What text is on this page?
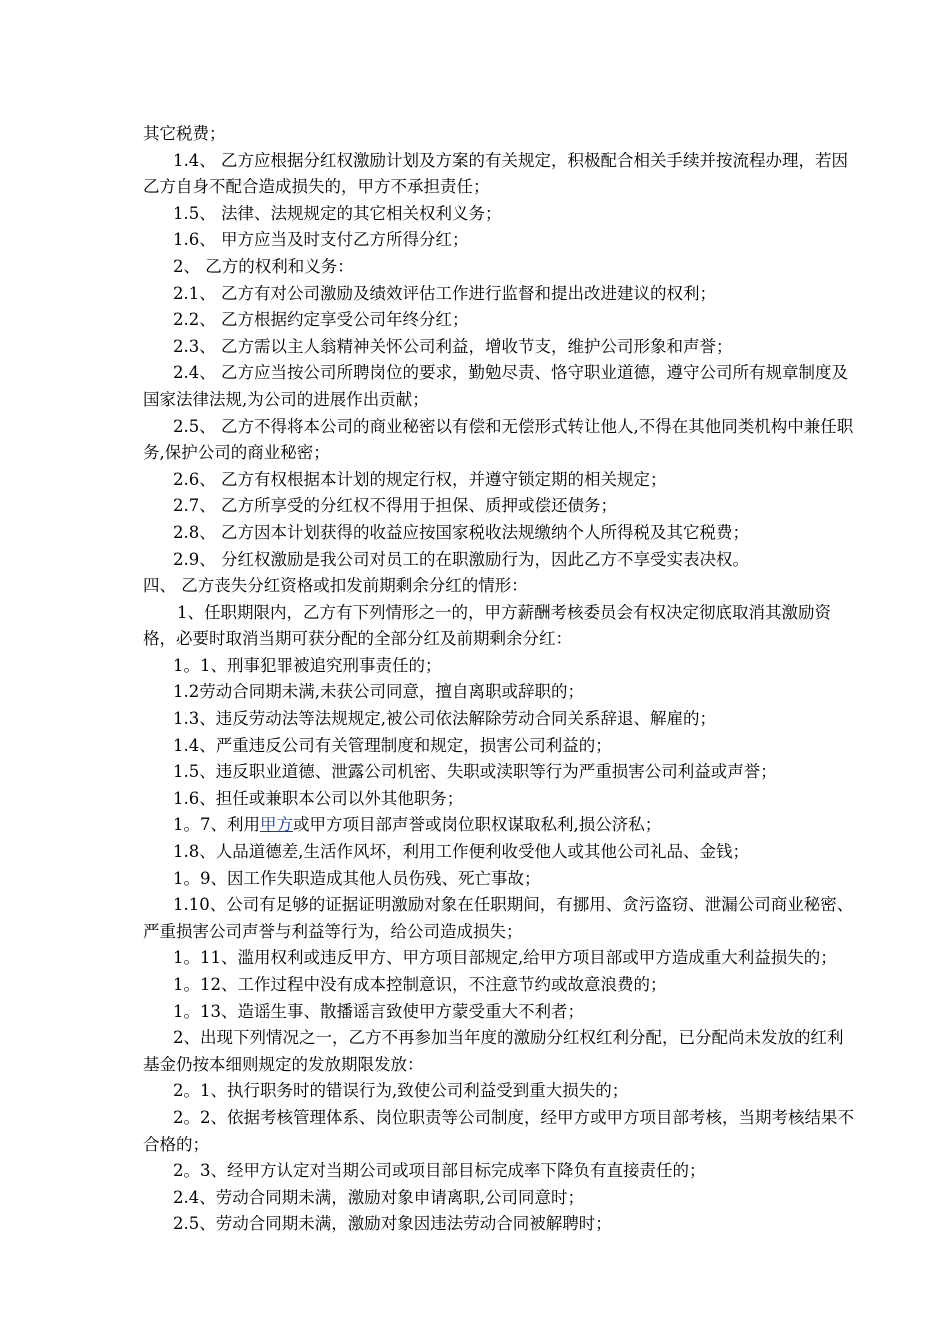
其它税费；

1.4、 乙方应根据分红权激励计划及方案的有关规定，积极配合相关手续并按流程办理，若因乙方自身不配合造成损失的，甲方不承担责任；

1.5、 法律、法规规定的其它相关权利义务；

1.6、 甲方应当及时支付乙方所得分红；

2、 乙方的权利和义务：

2.1、 乙方有对公司激励及绩效评估工作进行监督和提出改进建议的权利；

2.2、 乙方根据约定享受公司年终分红；

2.3、 乙方需以主人翁精神关怀公司利益，增收节支，维护公司形象和声誉；

2.4、 乙方应当按公司所聘岗位的要求，勤勉尽责、恪守职业道德，遵守公司所有规章制度及国家法律法规,为公司的进展作出贡献；

2.5、 乙方不得将本公司的商业秘密以有偿和无偿形式转让他人,不得在其他同类机构中兼任职务,保护公司的商业秘密；

2.6、 乙方有权根据本计划的规定行权，并遵守锁定期的相关规定；

2.7、 乙方所享受的分红权不得用于担保、质押或偿还债务；

2.8、 乙方因本计划获得的收益应按国家税收法规缴纳个人所得税及其它税费；

2.9、 分红权激励是我公司对员工的在职激励行为，因此乙方不享受实表决权。

四、 乙方丧失分红资格或扣发前期剩余分红的情形：

1、任职期限内，乙方有下列情形之一的，甲方薪酬考核委员会有权决定彻底取消其激励资格，必要时取消当期可获分配的全部分红及前期剩余分红：

1。1、刑事犯罪被追究刑事责任的；

1.2劳动合同期未满,未获公司同意，擅自离职或辞职的；

1.3、违反劳动法等法规规定,被公司依法解除劳动合同关系辞退、解雇的；

1.4、严重违反公司有关管理制度和规定，损害公司利益的；

1.5、违反职业道德、泄露公司机密、失职或渎职等行为严重损害公司利益或声誉；

1.6、担任或兼职本公司以外其他职务；

1。7、利用甲方或甲方项目部声誉或岗位职权谋取私利,损公济私；

1.8、人品道德差,生活作风坏，利用工作便利收受他人或其他公司礼品、金钱；

1。9、因工作失职造成其他人员伤残、死亡事故；

1.10、公司有足够的证据证明激励对象在任职期间，有挪用、贪污盗窃、泄漏公司商业秘密、严重损害公司声誉与利益等行为，给公司造成损失；

1。11、滥用权利或违反甲方、甲方项目部规定,给甲方项目部或甲方造成重大利益损失的；

1。12、工作过程中没有成本控制意识，不注意节约或故意浪费的；

1。13、造谣生事、散播谣言致使甲方蒙受重大不利者；

2、出现下列情况之一，乙方不再参加当年度的激励分红权红利分配，已分配尚未发放的红利基金仍按本细则规定的发放期限发放：

2。1、执行职务时的错误行为,致使公司利益受到重大损失的；

2。2、依据考核管理体系、岗位职责等公司制度，经甲方或甲方项目部考核，当期考核结果不合格的；

2。3、经甲方认定对当期公司或项目部目标完成率下降负有直接责任的；

2.4、劳动合同期未满，激励对象申请离职,公司同意时；

2.5、劳动合同期未满，激励对象因违法劳动合同被解聘时；
